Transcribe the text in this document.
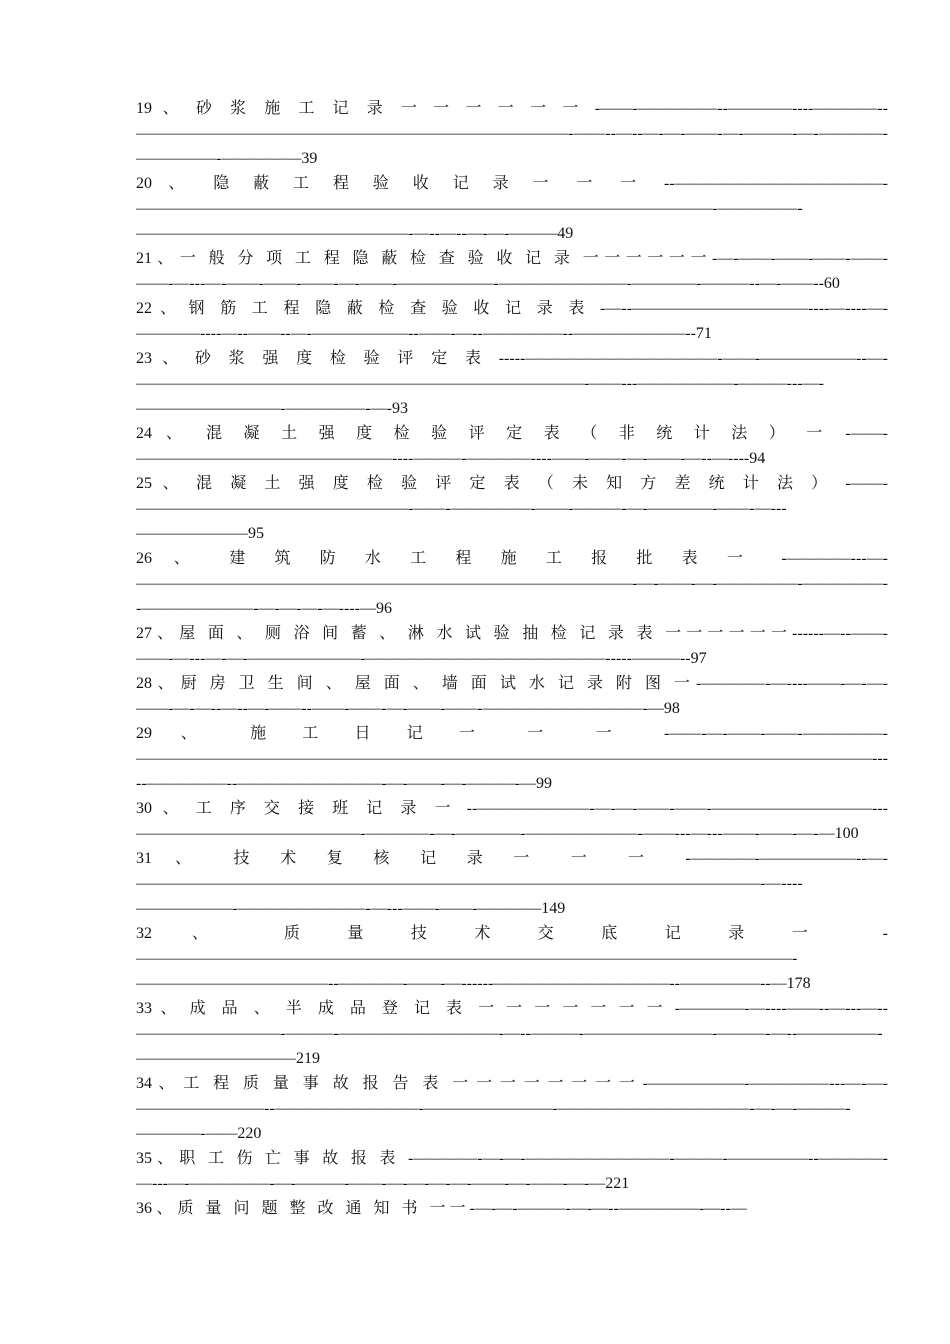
19 、 砂浆施工记录一 一 一 一 一 一 -——-—————--————----————--———————————————————————————-——--—--—-—-——-—-———-—-————-—————-—————39
20 、 隐蔽工程验收记录一 一 一 --—————————————-————————————————————————————————————-—————-—————————————————-—--—--—-—-———49
21 、 一般分项工程隐蔽检查验收记录一 一 一 一 一 一 -—-——-——-——-——-——-—---—-——-——-——-—-——-——————-————————-————-———--—-——--60
22 、 钢筋工程隐蔽检查验收记录表-—--———————————----—----—-————----—--——--—-——————--——-—--—————--———————--71
23 、 砂浆强度检验评定表-----————————————-——-——————--—-————————————————————————————-——---——————-———---—-—————————-—————-—-93
24 、 混凝土强度检验评定表（非统计法）一 -——-————————————————----———-————----——-——-—-——-—--—----94
25 、 混凝土强度检验评定表（未知方差统计法）-——-—————————————————-——-—————-——-———-—-————-——-—---———————95
26 、 建筑防水工程施工报批表一 -————---—-———————————————————————————————-—-——-—-—————-—————--———————-—-—-—-—----—96
27 、 屋面、厕浴间蓄、淋水试验抽检记录表一 一 一 一 一 一 ------—--——-——-—---—-—-———————-———————————————-----———--97
28 、 厨房卫生间、屋面、墙面试水记录附图一 -————-—----——-—-—-——-—-—--—--—-——--——-——-—-——-——-——————————-—98
29 、 施工日记一 一 一 -——-—-——-——-—————-——————————————————————————————————————————————-----—————--—————————-—-——-—-———-—99
30 、 工序交接班记录一 --———————-—-—-——-——-——————————---——————————————-————-—-————-———————-——---—---——-——-—-—100
31 、 技术复核记录一 一 一 -————-——————--—-———————————————————————————————————————-—----——————-————————-—---——-——-————149
32 、 质量技术交底记录一 -—————————————————————————————————————————-————————————--————-——-—------———————————--—————--—178
33 、 成品、半成品登记表一 一 一 一 一 一 一 -————-—----——--—---—--—————————-———-——————————-—--———-————————-———-—--—————-——————————219
34 、 工程质量事故报告表一 一 一 一 一 一 一 一 -——————-—————---—-—-————————--—————————-————————-————————————-—-—-———-————-——220
35 、 职工伤亡事故报表-————-—-—-—————————-———-—————--————-—---—-—————-—-———-——-—-—-—-—-——-—-——-—-—221
36 、 质量问题整改通知书一 一 -—-—-———-—-—--—————-—--—
